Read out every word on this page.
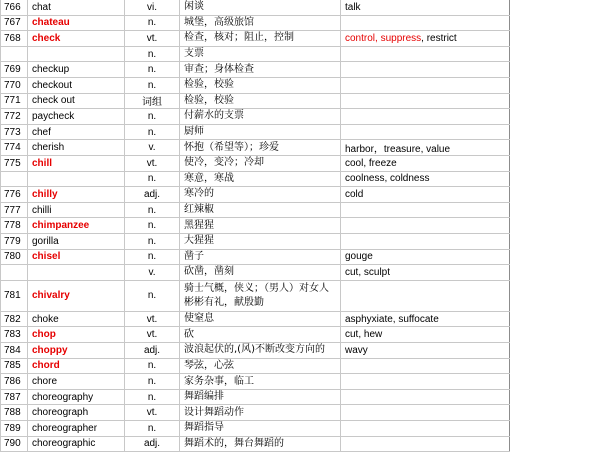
766	chat	vi.	闲谈	talk
767	chateau	n.	城堡，高级旅馆
768	check	vt.	检查，核对；阻止，控制	control, suppress , restrict
n.	支票
769	checkup	n.	审查；身体检查
770	checkout	n.	检验，校验
771	check out	词组	检验，校验
772	paycheck	n.	付薪水的支票
773	chef	n.	厨师
774	cherish	v.	怀抱（希望等）；珍爱	harbor，treasure, value
775	chill	vt.	使冷，变冷；冷却	cool, freeze
n.	寒意，寒战	coolness, coldness
776	chilly	adj.	寒冷的	cold
777	chilli	n.	红辣椒
778	chimpanzee	n.	黑猩猩
779	gorilla	n.	大猩猩
780	chisel	n.	凿子	gouge
v.	砍凿，凿刻	cut, sculpt
781	chivalry	n.
骑士气概，侠义；（男人）对女人
彬彬有礼，献殷勤
782	choke	vt.	使窒息	asphyxiate, suffocate
783	chop	vt.	砍	cut, hew
784	choppy	adj.	波浪起伏的,(风)不断改变方向的 wavy
785	chord	n.	琴弦，心弦
786	chore	n.	家务杂事，临工
787	choreography	n.	舞蹈编排
788	choreograph	vt.	设计舞蹈动作
789	choreographer	n.	舞蹈指导
790	choreographic	adj.	舞蹈术的，舞台舞蹈的
